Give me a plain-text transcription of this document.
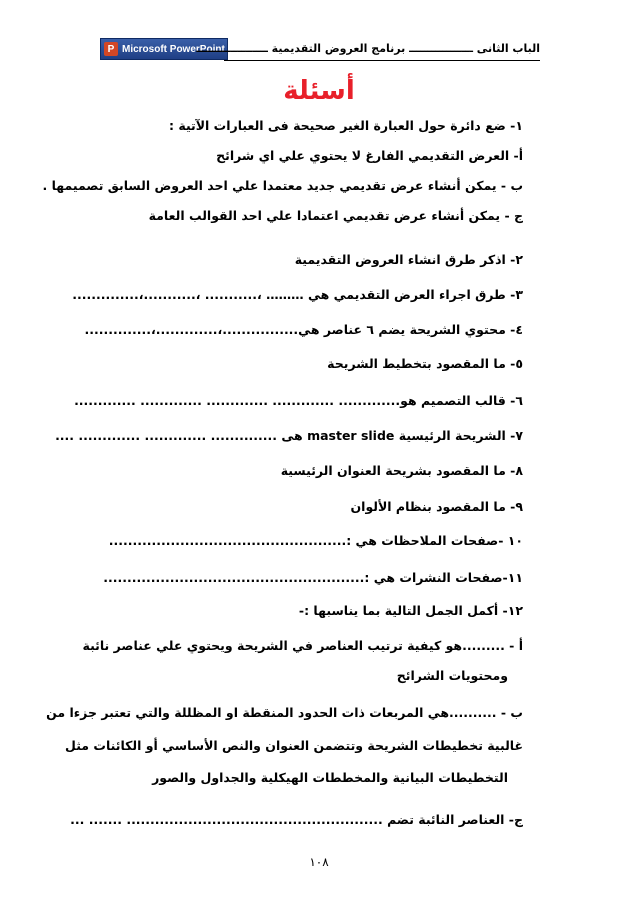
P Microsoft PowerPoint
الباب الثانى ـــــــــــــــــ برنامج العروض التقديمية ـــــــــــــــــــ
أسئلة
١- ضع دائرة حول العبارة الغير صحيحة فى العبارات الآتية :
أ- العرض التقديمي الفارغ لا يحتوي علي اي شرائح
ب - يمكن أنشاء عرض تقديمي جديد معتمدا علي احد العروض السابق تصميمها .
ج - يمكن أنشاء عرض تقديمي اعتمادا علي احد القوالب العامة
٢- اذكر طرق انشاء العروض التقديمية
٣- طرق اجراء العرض التقديمي هي ……… ،........... ،...........،..............
٤- محتوي الشريحة يضم ٦ عناصر هي................،.............،..............
٥- ما المقصود بتخطيط الشريحة
٦- قالب التصميم هو............. ............. ............. ............. .............
٧- الشريحة الرئيسية master slide هى .............. ............. ............. ....
٨- ما المقصود بشريحة العنوان الرئيسية
٩- ما المقصود بنظام الألوان
١٠ -صفحات الملاحظات هي :..................................................
١١-صفحات النشرات هي :.......................................................
١٢- أكمل الجمل التالية بما يناسبها :-
أ - .........هو كيفية ترتيب العناصر في الشريحة ويحتوي علي عناصر نائبة
ومحتويات الشرائح
ب - ..........هي المربعات ذات الحدود المنقطة او المظللة والتي تعتبر جزءا من
غالبية تخطيطات الشريحة وتتضمن العنوان والنص الأساسي أو الكائنات مثل
التخطيطات البيانية والمخططات الهيكلية والجداول والصور
ج- العناصر النائبة تضم ...................................................... ....... ...
١٠٨
